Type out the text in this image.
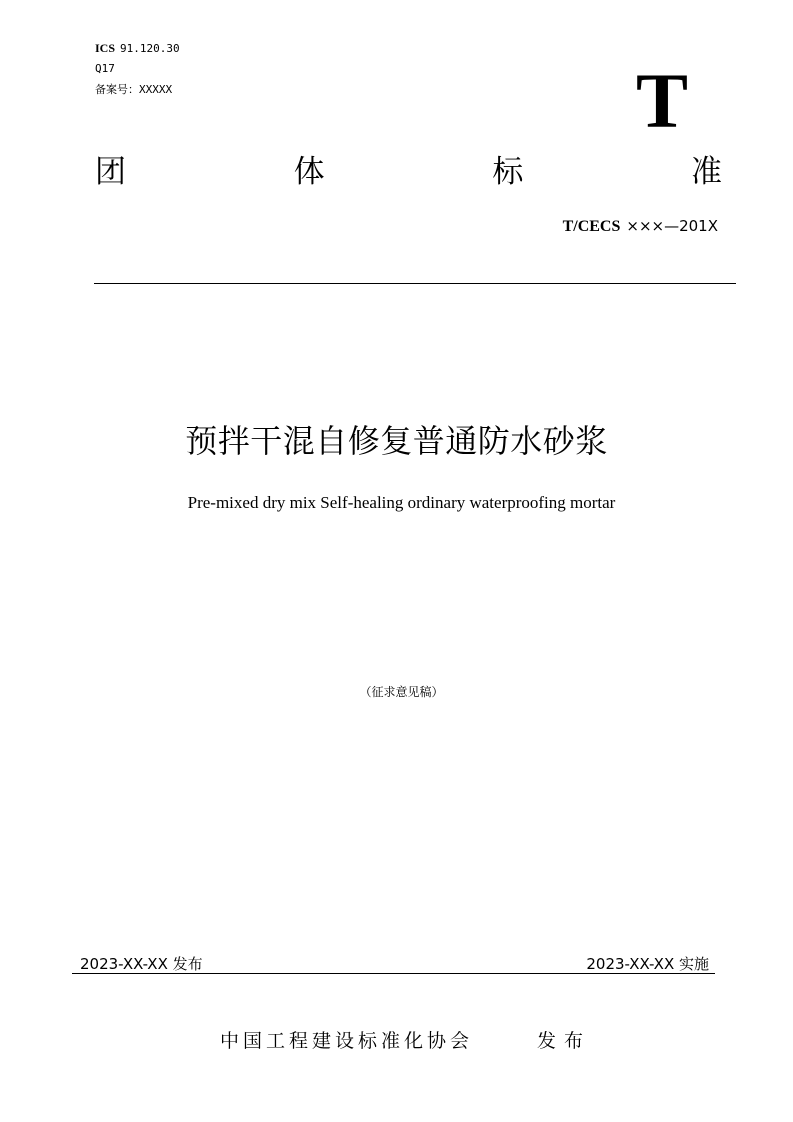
ICS 91.120.30
Q17
备案号：XXXXX	T
团	体	标	准
T/CECS ×××—201X
预拌干混自修复普通防水砂浆
Pre-mixed dry mix Self-healing ordinary waterproofing mortar
（征求意见稿）
2023-XX-XX 发布	2023-XX-XX 实施
中国工程建设标准化协会	发布
